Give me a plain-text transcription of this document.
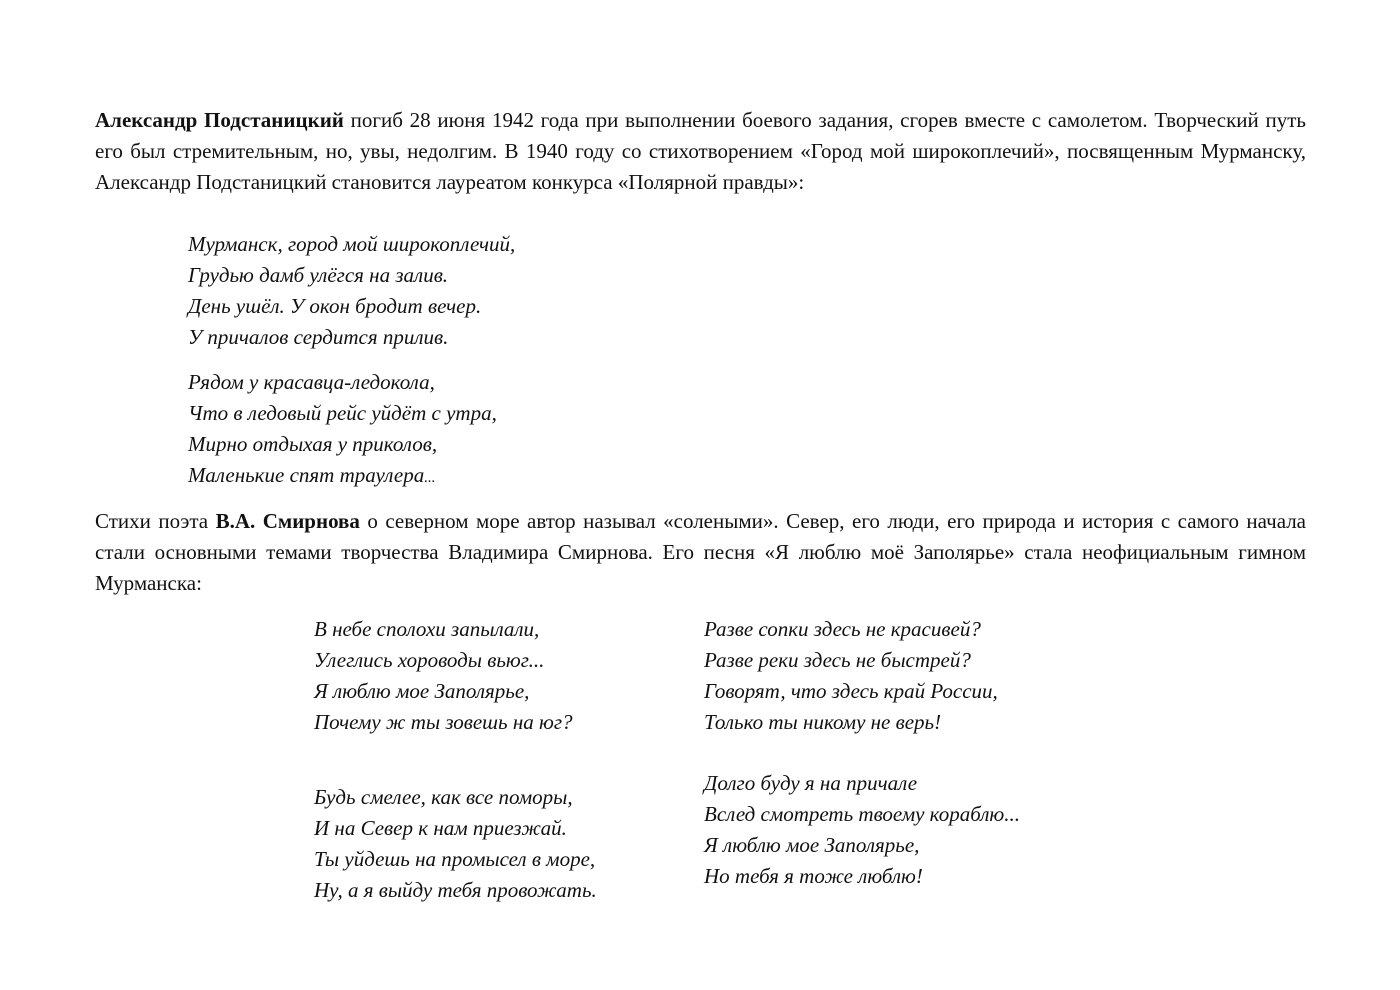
Александр Подстаницкий погиб 28 июня 1942 года при выполнении боевого задания, сгорев вместе с самолетом. Творческий путь его был стремительным, но, увы, недолгим. В 1940 году со стихотворением «Город мой широкоплечий», посвященным Мурманску, Александр Подстаницкий становится лауреатом конкурса «Полярной правды»:

Мурманск, город мой широкоплечий,
Грудью дамб улёгся на залив.
День ушёл. У окон бродит вечер.
У причалов сердится прилив.
Рядом у красавца-ледокола,
Что в ледовый рейс уйдёт с утра,
Мирно отдыхая у приколов,
Маленькие спят траулера...

Стихи поэта В.А. Смирнова о северном море автор называл «солеными». Север, его люди, его природа и история с самого начала стали основными темами творчества Владимира Смирнова. Его песня «Я люблю моё Заполярье» стала неофициальным гимном Мурманска:

В небе сполохи запылали,
Улеглись хороводы вьюг...
Я люблю мое Заполярье,
Почему ж ты зовешь на юг?
Будь смелее, как все поморы,
И на Север к нам приезжай.
Ты уйдешь на промысел в море,
Ну, а я выйду тебя провожать.
Разве сопки здесь не красивей?
Разве реки здесь не быстрей?
Говорят, что здесь край России,
Только ты никому не верь!
Долго буду я на причале
Вслед смотреть твоему кораблю...
Я люблю мое Заполярье,
Но тебя я тоже люблю!
